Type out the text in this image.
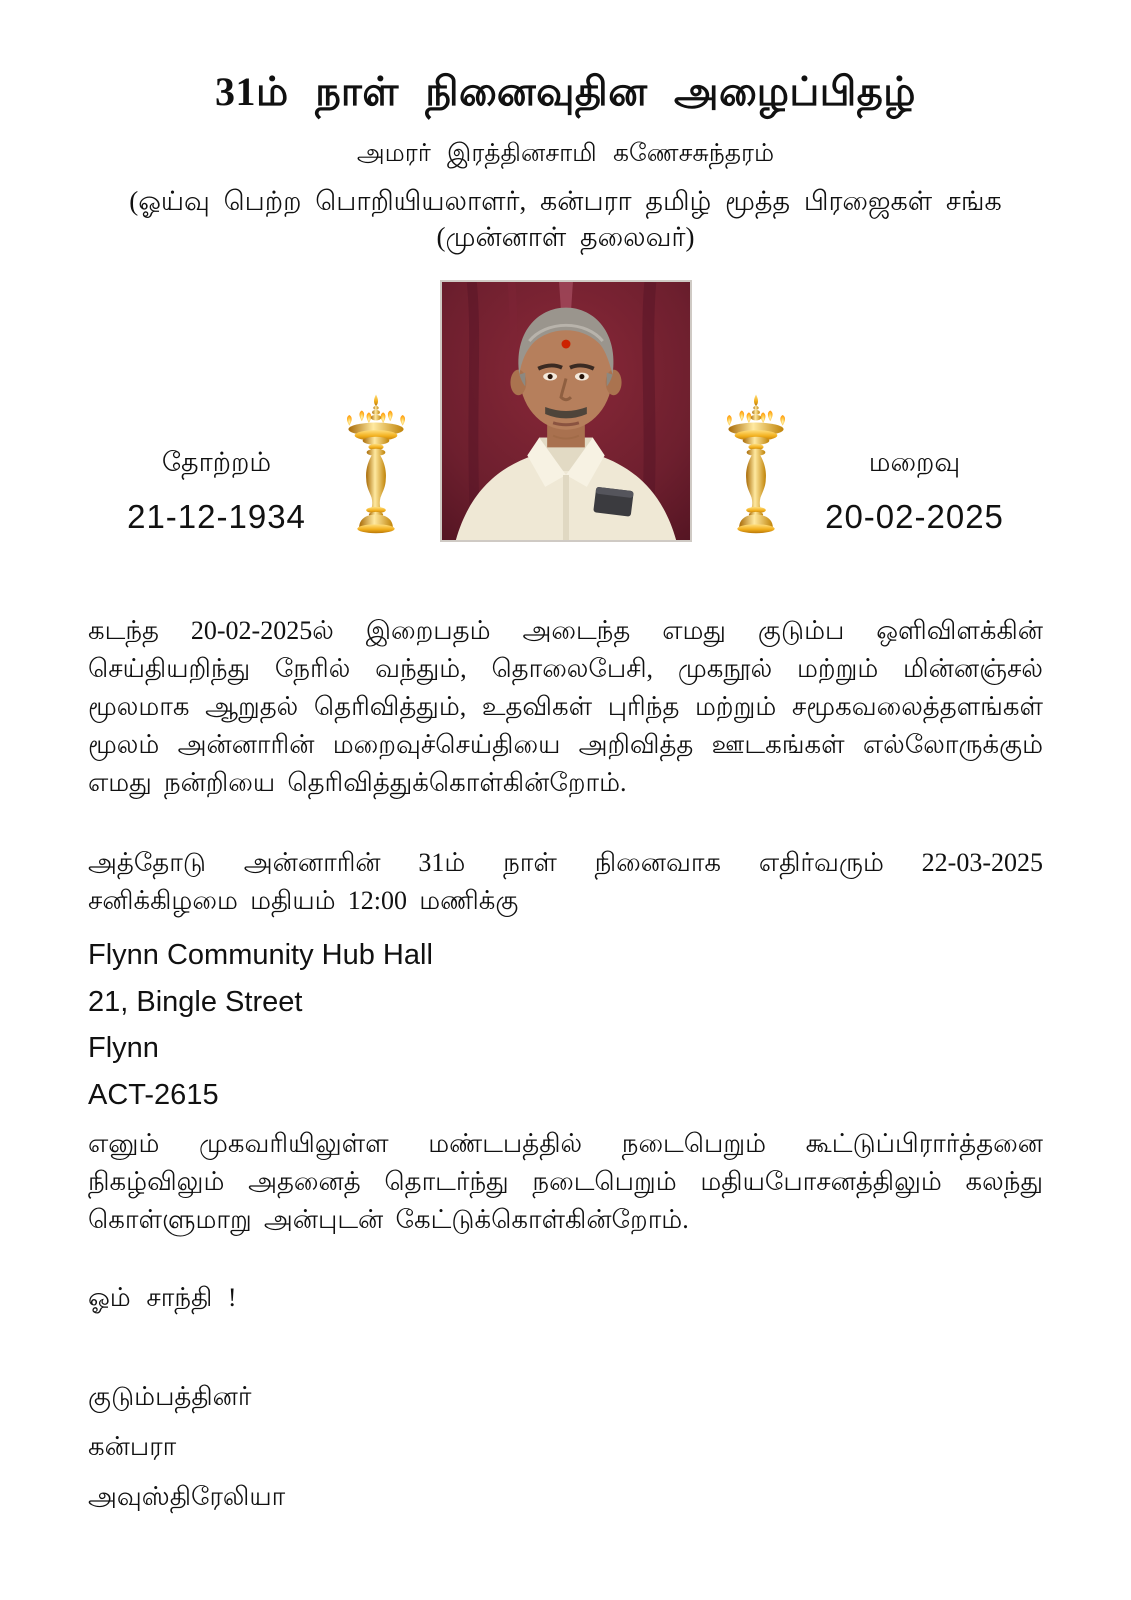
31ம் நாள் நினைவுதின அழைப்பிதழ்
அமரர் இரத்தினசாமி கணேசசுந்தரம்
(ஓய்வு பெற்ற பொறியியலாளர், கன்பரா தமிழ் மூத்த பிரஜைகள் சங்க
(முன்னாள் தலைவர்)
தோற்றம்
21-12-1934
மறைவு
20-02-2025

கடந்த 20-02-2025ல் இறைபதம் அடைந்த எமது குடும்ப ஒளிவிளக்கின் செய்தியறிந்து நேரில் வந்தும், தொலைபேசி, முகநூல் மற்றும் மின்னஞ்சல் மூலமாக ஆறுதல் தெரிவித்தும், உதவிகள் புரிந்த மற்றும் சமூகவலைத்தளங்கள் மூலம் அன்னாரின் மறைவுச்செய்தியை அறிவித்த ஊடகங்கள் எல்லோருக்கும் எமது நன்றியை தெரிவித்துக்கொள்கின்றோம்.

அத்தோடு அன்னாரின் 31ம் நாள் நினைவாக எதிர்வரும் 22-03-2025 சனிக்கிழமை மதியம் 12:00 மணிக்கு

Flynn Community Hub Hall
21, Bingle Street
Flynn
ACT-2615

எனும் முகவரியிலுள்ள மண்டபத்தில் நடைபெறும் கூட்டுப்பிரார்த்தனை நிகழ்விலும் அதனைத் தொடர்ந்து நடைபெறும் மதியபோசனத்திலும் கலந்து கொள்ளுமாறு அன்புடன் கேட்டுக்கொள்கின்றோம்.

ஓம் சாந்தி !
குடும்பத்தினர்
கன்பரா
அவுஸ்திரேலியா
